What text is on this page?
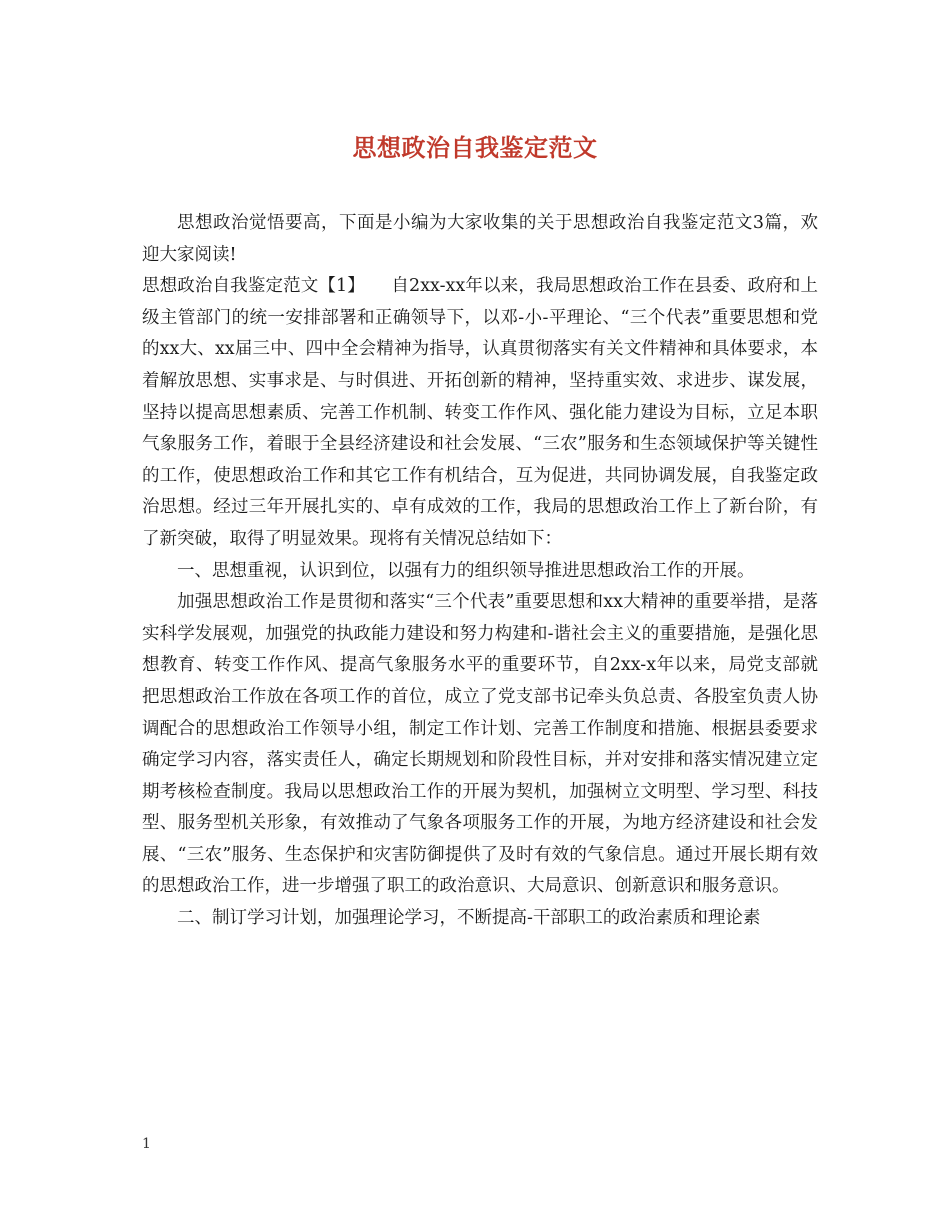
思想政治自我鉴定范文

思想政治觉悟要高，下面是小编为大家收集的关于思想政治自我鉴定范文3篇，欢迎大家阅读!

思想政治自我鉴定范文【1】　　自2xx-xx年以来，我局思想政治工作在县委、政府和上级主管部门的统一安排部署和正确领导下，以邓-小-平理论、“三个代表”重要思想和党的xx大、xx届三中、四中全会精神为指导，认真贯彻落实有关文件精神和具体要求，本着解放思想、实事求是、与时俱进、开拓创新的精神，坚持重实效、求进步、谋发展，坚持以提高思想素质、完善工作机制、转变工作作风、强化能力建设为目标，立足本职气象服务工作，着眼于全县经济建设和社会发展、“三农”服务和生态领域保护等关键性的工作，使思想政治工作和其它工作有机结合，互为促进，共同协调发展，自我鉴定政治思想。经过三年开展扎实的、卓有成效的工作，我局的思想政治工作上了新台阶，有了新突破，取得了明显效果。现将有关情况总结如下：

一、思想重视，认识到位，以强有力的组织领导推进思想政治工作的开展。

加强思想政治工作是贯彻和落实“三个代表”重要思想和xx大精神的重要举措，是落实科学发展观，加强党的执政能力建设和努力构建和-谐社会主义的重要措施，是强化思想教育、转变工作作风、提高气象服务水平的重要环节，自2xx-x年以来，局党支部就把思想政治工作放在各项工作的首位，成立了党支部书记牵头负总责、各股室负责人协调配合的思想政治工作领导小组，制定工作计划、完善工作制度和措施、根据县委要求确定学习内容，落实责任人，确定长期规划和阶段性目标，并对安排和落实情况建立定期考核检查制度。我局以思想政治工作的开展为契机，加强树立文明型、学习型、科技型、服务型机关形象，有效推动了气象各项服务工作的开展，为地方经济建设和社会发展、“三农”服务、生态保护和灾害防御提供了及时有效的气象信息。通过开展长期有效的思想政治工作，进一步增强了职工的政治意识、大局意识、创新意识和服务意识。

二、制订学习计划，加强理论学习，不断提高-干部职工的政治素质和理论素

1
